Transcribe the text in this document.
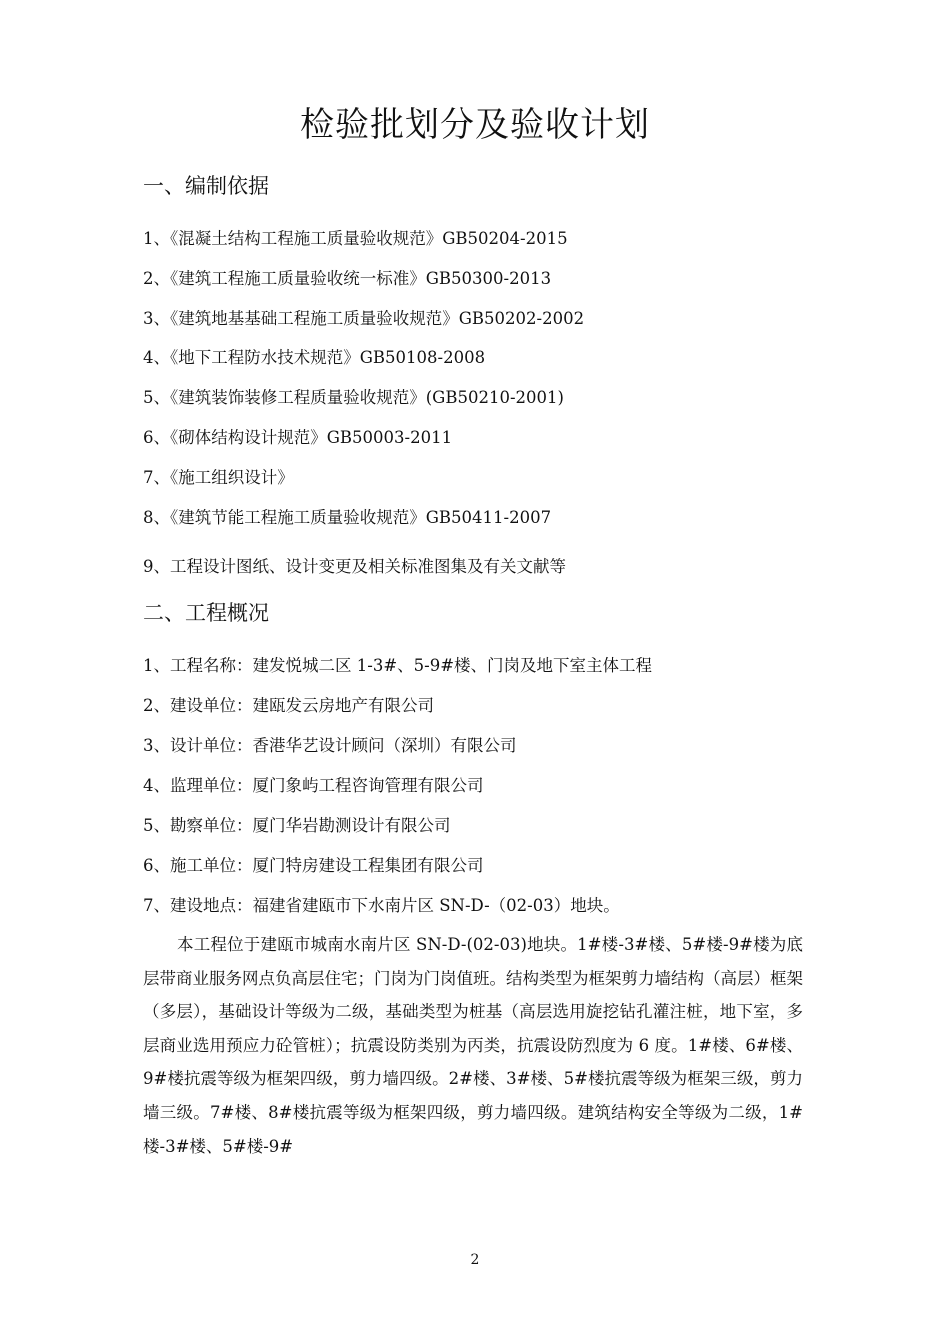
检验批划分及验收计划
一、编制依据
1、《混凝土结构工程施工质量验收规范》GB50204-2015
2、《建筑工程施工质量验收统一标准》GB50300-2013
3、《建筑地基基础工程施工质量验收规范》GB50202-2002
4、《地下工程防水技术规范》GB50108-2008
5、《建筑装饰装修工程质量验收规范》(GB50210-2001)
6、《砌体结构设计规范》GB50003-2011
7、《施工组织设计》
8、《建筑节能工程施工质量验收规范》GB50411-2007
9、工程设计图纸、设计变更及相关标准图集及有关文献等
二、工程概况
1、工程名称：建发悦城二区 1-3#、5-9#楼、门岗及地下室主体工程
2、建设单位：建瓯发云房地产有限公司
3、设计单位：香港华艺设计顾问（深圳）有限公司
4、监理单位：厦门象屿工程咨询管理有限公司
5、勘察单位：厦门华岩勘测设计有限公司
6、施工单位：厦门特房建设工程集团有限公司
7、建设地点：福建省建瓯市下水南片区 SN-D-（02-03）地块。

本工程位于建瓯市城南水南片区 SN-D-(02-03)地块。1#楼-3#楼、5#楼-9#楼为底层带商业服务网点负高层住宅；门岗为门岗值班。结构类型为框架剪力墙结构（高层）框架（多层），基础设计等级为二级，基础类型为桩基（高层选用旋挖钻孔灌注桩，地下室，多层商业选用预应力砼管桩）；抗震设防类别为丙类，抗震设防烈度为 6 度。1#楼、6#楼、9#楼抗震等级为框架四级，剪力墙四级。2#楼、3#楼、5#楼抗震等级为框架三级，剪力墙三级。7#楼、8#楼抗震等级为框架四级，剪力墙四级。建筑结构安全等级为二级，1#楼-3#楼、5#楼-9#

2
